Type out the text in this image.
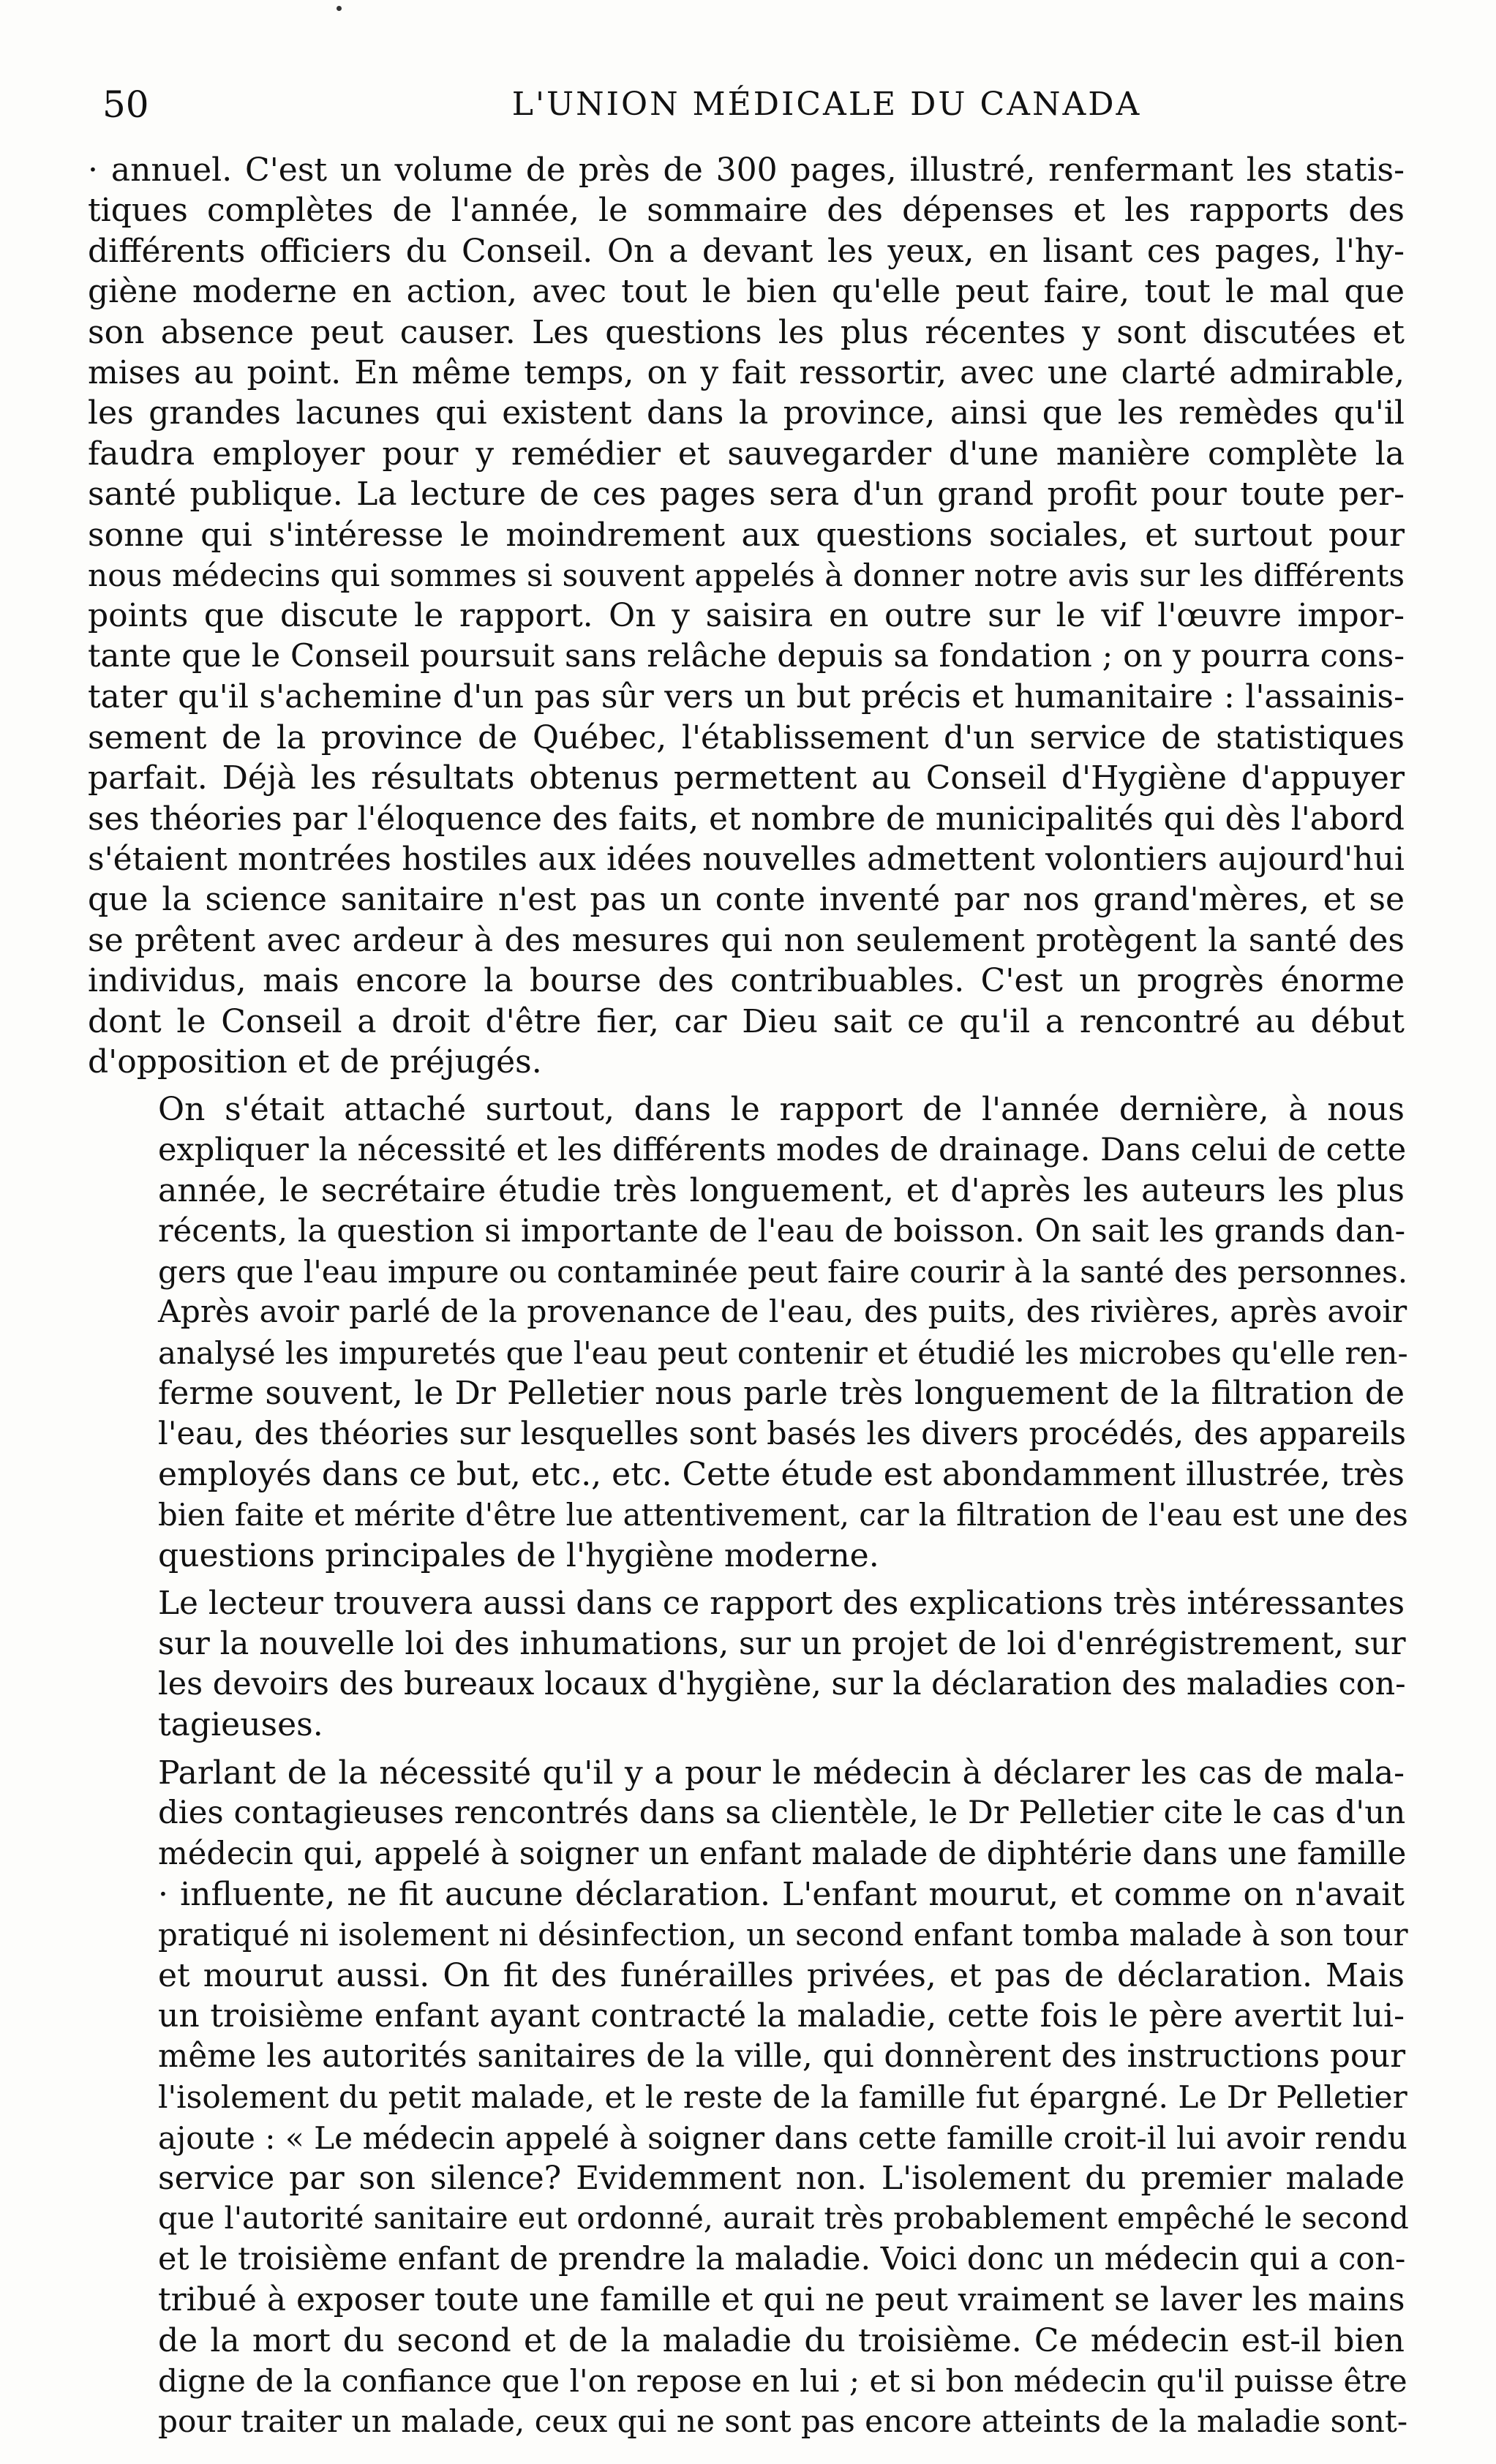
50	L'UNION MÉDICALE DU CANADA
· annuel. C'est un volume de près de 300 pages, illustré, renfermant les statis-
tiques complètes de l'année, le sommaire des dépenses et les rapports des
différents officiers du Conseil. On a devant les yeux, en lisant ces pages, l'hy-
giène moderne en action, avec tout le bien qu'elle peut faire, tout le mal que
son absence peut causer. Les questions les plus récentes y sont discutées et
mises au point. En même temps, on y fait ressortir, avec une clarté admirable,
les grandes lacunes qui existent dans la province, ainsi que les remèdes qu'il
faudra employer pour y remédier et sauvegarder d'une manière complète la
santé publique. La lecture de ces pages sera d'un grand profit pour toute per-
sonne qui s'intéresse le moindrement aux questions sociales, et surtout pour
nous médecins qui sommes si souvent appelés à donner notre avis sur les différents
points que discute le rapport. On y saisira en outre sur le vif l'œuvre impor-
tante que le Conseil poursuit sans relâche depuis sa fondation ; on y pourra cons-
tater qu'il s'achemine d'un pas sûr vers un but précis et humanitaire : l'assainis-
sement de la province de Québec, l'établissement d'un service de statistiques
parfait. Déjà les résultats obtenus permettent au Conseil d'Hygiène d'appuyer
ses théories par l'éloquence des faits, et nombre de municipalités qui dès l'abord
s'étaient montrées hostiles aux idées nouvelles admettent volontiers aujourd'hui
que la science sanitaire n'est pas un conte inventé par nos grand'mères, et se
se prêtent avec ardeur à des mesures qui non seulement protègent la santé des
individus, mais encore la bourse des contribuables. C'est un progrès énorme
dont le Conseil a droit d'être fier, car Dieu sait ce qu'il a rencontré au début
d'opposition et de préjugés.
On s'était attaché surtout, dans le rapport de l'année dernière, à nous
expliquer la nécessité et les différents modes de drainage. Dans celui de cette
année, le secrétaire étudie très longuement, et d'après les auteurs les plus
récents, la question si importante de l'eau de boisson. On sait les grands dan-
gers que l'eau impure ou contaminée peut faire courir à la santé des personnes.
Après avoir parlé de la provenance de l'eau, des puits, des rivières, après avoir
analysé les impuretés que l'eau peut contenir et étudié les microbes qu'elle ren-
ferme souvent, le Dr Pelletier nous parle très longuement de la filtration de
l'eau, des théories sur lesquelles sont basés les divers procédés, des appareils
employés dans ce but, etc., etc. Cette étude est abondamment illustrée, très
bien faite et mérite d'être lue attentivement, car la filtration de l'eau est une des
questions principales de l'hygiène moderne.
Le lecteur trouvera aussi dans ce rapport des explications très intéressantes
sur la nouvelle loi des inhumations, sur un projet de loi d'enrégistrement, sur
les devoirs des bureaux locaux d'hygiène, sur la déclaration des maladies con-
tagieuses.
Parlant de la nécessité qu'il y a pour le médecin à déclarer les cas de mala-
dies contagieuses rencontrés dans sa clientèle, le Dr Pelletier cite le cas d'un
médecin qui, appelé à soigner un enfant malade de diphtérie dans une famille
· influente, ne fit aucune déclaration. L'enfant mourut, et comme on n'avait
pratiqué ni isolement ni désinfection, un second enfant tomba malade à son tour
et mourut aussi. On fit des funérailles privées, et pas de déclaration. Mais
un troisième enfant ayant contracté la maladie, cette fois le père avertit lui-
même les autorités sanitaires de la ville, qui donnèrent des instructions pour
l'isolement du petit malade, et le reste de la famille fut épargné. Le Dr Pelletier
ajoute : « Le médecin appelé à soigner dans cette famille croit-il lui avoir rendu
service par son silence? Evidemment non. L'isolement du premier malade
que l'autorité sanitaire eut ordonné, aurait très probablement empêché le second
et le troisième enfant de prendre la maladie. Voici donc un médecin qui a con-
tribué à exposer toute une famille et qui ne peut vraiment se laver les mains
de la mort du second et de la maladie du troisième. Ce médecin est-il bien
digne de la confiance que l'on repose en lui ; et si bon médecin qu'il puisse être
pour traiter un malade, ceux qui ne sont pas encore atteints de la maladie sont-
